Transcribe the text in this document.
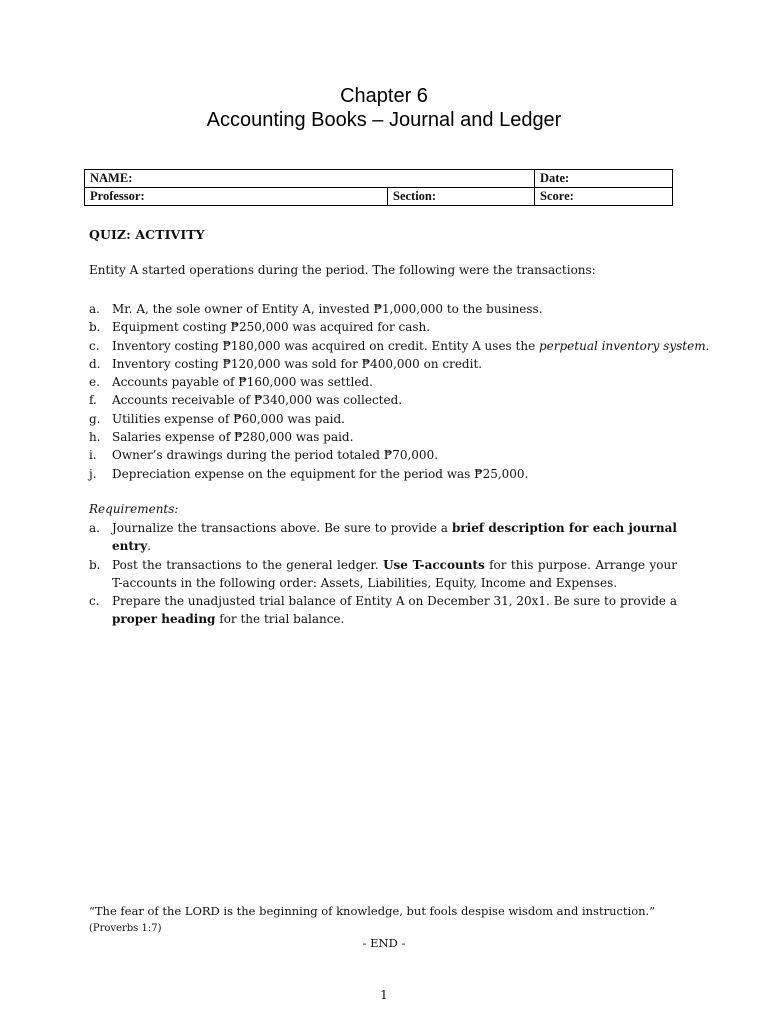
Chapter 6
Accounting Books – Journal and Ledger
NAME:		Date:
Professor:	Section:	Score:
QUIZ: ACTIVITY
Entity A started operations during the period. The following were the transactions:
a. Mr. A, the sole owner of Entity A, invested ₱1,000,000 to the business.
b. Equipment costing ₱250,000 was acquired for cash.
c. Inventory costing ₱180,000 was acquired on credit. Entity A uses the perpetual inventory system.
d. Inventory costing ₱120,000 was sold for ₱400,000 on credit.
e. Accounts payable of ₱160,000 was settled.
f. Accounts receivable of ₱340,000 was collected.
g. Utilities expense of ₱60,000 was paid.
h. Salaries expense of ₱280,000 was paid.
i. Owner’s drawings during the period totaled ₱70,000.
j. Depreciation expense on the equipment for the period was ₱25,000.
Requirements:
a. Journalize the transactions above. Be sure to provide a brief description for each journal entry.
b. Post the transactions to the general ledger. Use T-accounts for this purpose. Arrange your T-accounts in the following order: Assets, Liabilities, Equity, Income and Expenses.
c. Prepare the unadjusted trial balance of Entity A on December 31, 20x1. Be sure to provide a proper heading for the trial balance.
“The fear of the LORD is the beginning of knowledge, but fools despise wisdom and instruction.” (Proverbs 1:7)
- END -
1
